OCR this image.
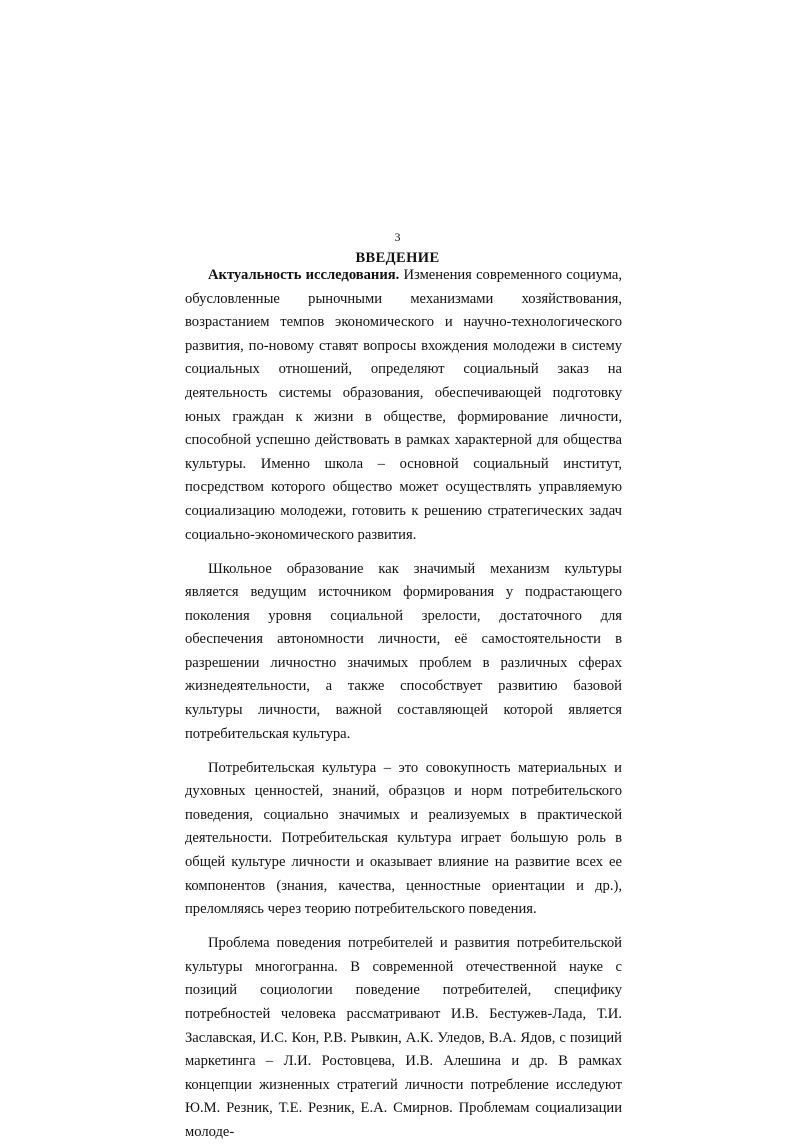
3
ВВЕДЕНИЕ

Актуальность исследования. Изменения современного социума, обусловленные рыночными механизмами хозяйствования, возрастанием темпов экономического и научно-технологического развития, по-новому ставят вопросы вхождения молодежи в систему социальных отношений, определяют социальный заказ на деятельность системы образования, обеспечивающей подготовку юных граждан к жизни в обществе, формирование личности, способной успешно действовать в рамках характерной для общества культуры. Именно школа – основной социальный институт, посредством которого общество может осуществлять управляемую социализацию молодежи, готовить к решению стратегических задач социально-экономического развития.

Школьное образование как значимый механизм культуры является ведущим источником формирования у подрастающего поколения уровня социальной зрелости, достаточного для обеспечения автономности личности, её самостоятельности в разрешении личностно значимых проблем в различных сферах жизнедеятельности, а также способствует развитию базовой культуры личности, важной составляющей которой является потребительская культура.

Потребительская культура – это совокупность материальных и духовных ценностей, знаний, образцов и норм потребительского поведения, социально значимых и реализуемых в практической деятельности. Потребительская культура играет большую роль в общей культуре личности и оказывает влияние на развитие всех ее компонентов (знания, качества, ценностные ориентации и др.), преломляясь через теорию потребительского поведения.

Проблема поведения потребителей и развития потребительской культуры многогранна. В современной отечественной науке с позиций социологии поведение потребителей, специфику потребностей человека рассматривают И.В. Бестужев-Лада, Т.И. Заславская, И.С. Кон, Р.В. Рывкин, А.К. Уледов, В.А. Ядов, с позиций маркетинга – Л.И. Ростовцева, И.В. Алешина и др. В рамках концепции жизненных стратегий личности потребление исследуют Ю.М. Резник, Т.Е. Резник, Е.А. Смирнов. Проблемам социализации молоде-
